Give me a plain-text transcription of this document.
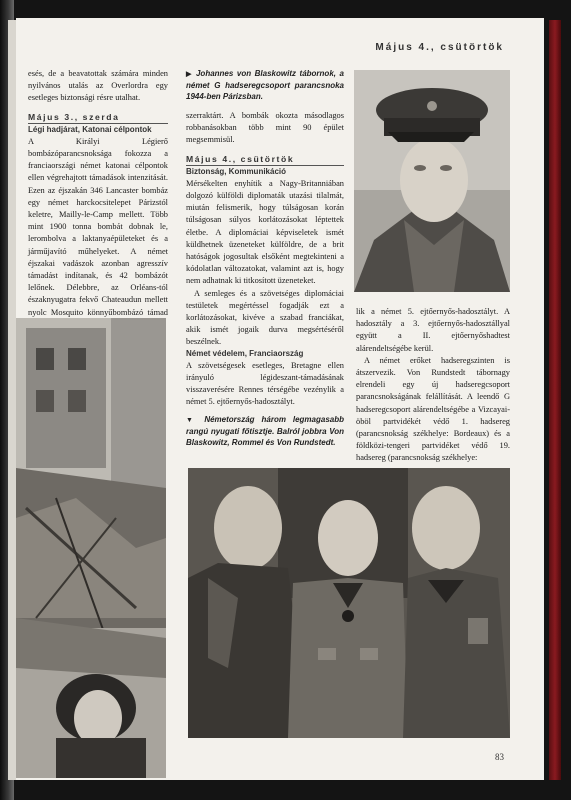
Május 4., csütörtök

esés, de a beavatottak számára minden nyilvános utalás az Overlordra egy esetleges biztonsági résre utalhat.

Május 3., szerda
Légi hadjárat, Katonai célpontok

A Királyi Légierő bombázóparancsnoksága fokozza a franciaországi német katonai célpontok ellen végrehajtott támadások intenzitását. Ezen az éjszakán 346 Lancaster bombáz egy német harckocsitelepet Párizstól keletre, Mailly-le-Camp mellett. Több mint 1900 tonna bombát dobnak le, lerombolva a laktanyaépületeket és a járműjavító műhelyeket. A német éjszakai vadászok azonban agresszív támadást indítanak, és 42 bombázót lelőnek. Délebbre, az Orléans-tól északnyugatra fekvő Chateaudun mellett nyolc Mosquito könnyűbombázó támad

▶ Johannes von Blaskowitz tábornok, a német G hadseregcsoport parancsnoka 1944-ben Párizsban.

szerraktárt. A bombák okozta másodlagos robbanásokban több mint 90 épület megsemmisül.

Május 4., csütörtök
Biztonság, Kommunikáció

Mérsékelten enyhítik a Nagy-Britanniában dolgozó külföldi diplomaták utazási tilalmát, miután felismerik, hogy túlságosan korán túlságosan súlyos korlátozásokat léptettek életbe. A diplomáciai képviseletek ismét küldhetnek üzeneteket külföldre, de a brit hatóságok jogosultak elsőként megtekinteni a kódolatlan változatokat, valamint azt is, hogy nem adhatnak ki titkosított üzeneteket.

A semleges és a szövetséges diplomáciai testületek megértéssel fogadják ezt a korlátozásokat, kivéve a szabad franciákat, akik ismét jogaik durva megsértéséről beszélnek.

Német védelem, Franciaország

A szövetségesek esetleges, Bretagne ellen irányuló légideszant-támadásának visszaverésére Rennes térségébe vezénylik a német 5. ejtőernyős-hadosztályt.

▼ Németország három legmagasabb rangú nyugati főtisztje. Balról jobbra Von Blaskowitz, Rommel és Von Rundstedt.

lik a német 5. ejtőernyős-hadosztályt. A hadosztály a 3. ejtőernyős-hadosztállyal együtt a II. ejtőernyőshadtest alárendeltségébe kerül.

A német erőket hadseregszinten is átszervezik. Von Rundstedt tábornagy elrendeli egy új hadseregcsoport parancsnokságának felállítását. A leendő G hadseregcsoport alárendeltségébe a Vizcayai-öböl partvidékét védő 1. hadsereg (parancsnokság székhelye: Bordeaux) és a földközi-tengeri partvidéket védő 19. hadsereg (parancsnokság székhelye:

83
